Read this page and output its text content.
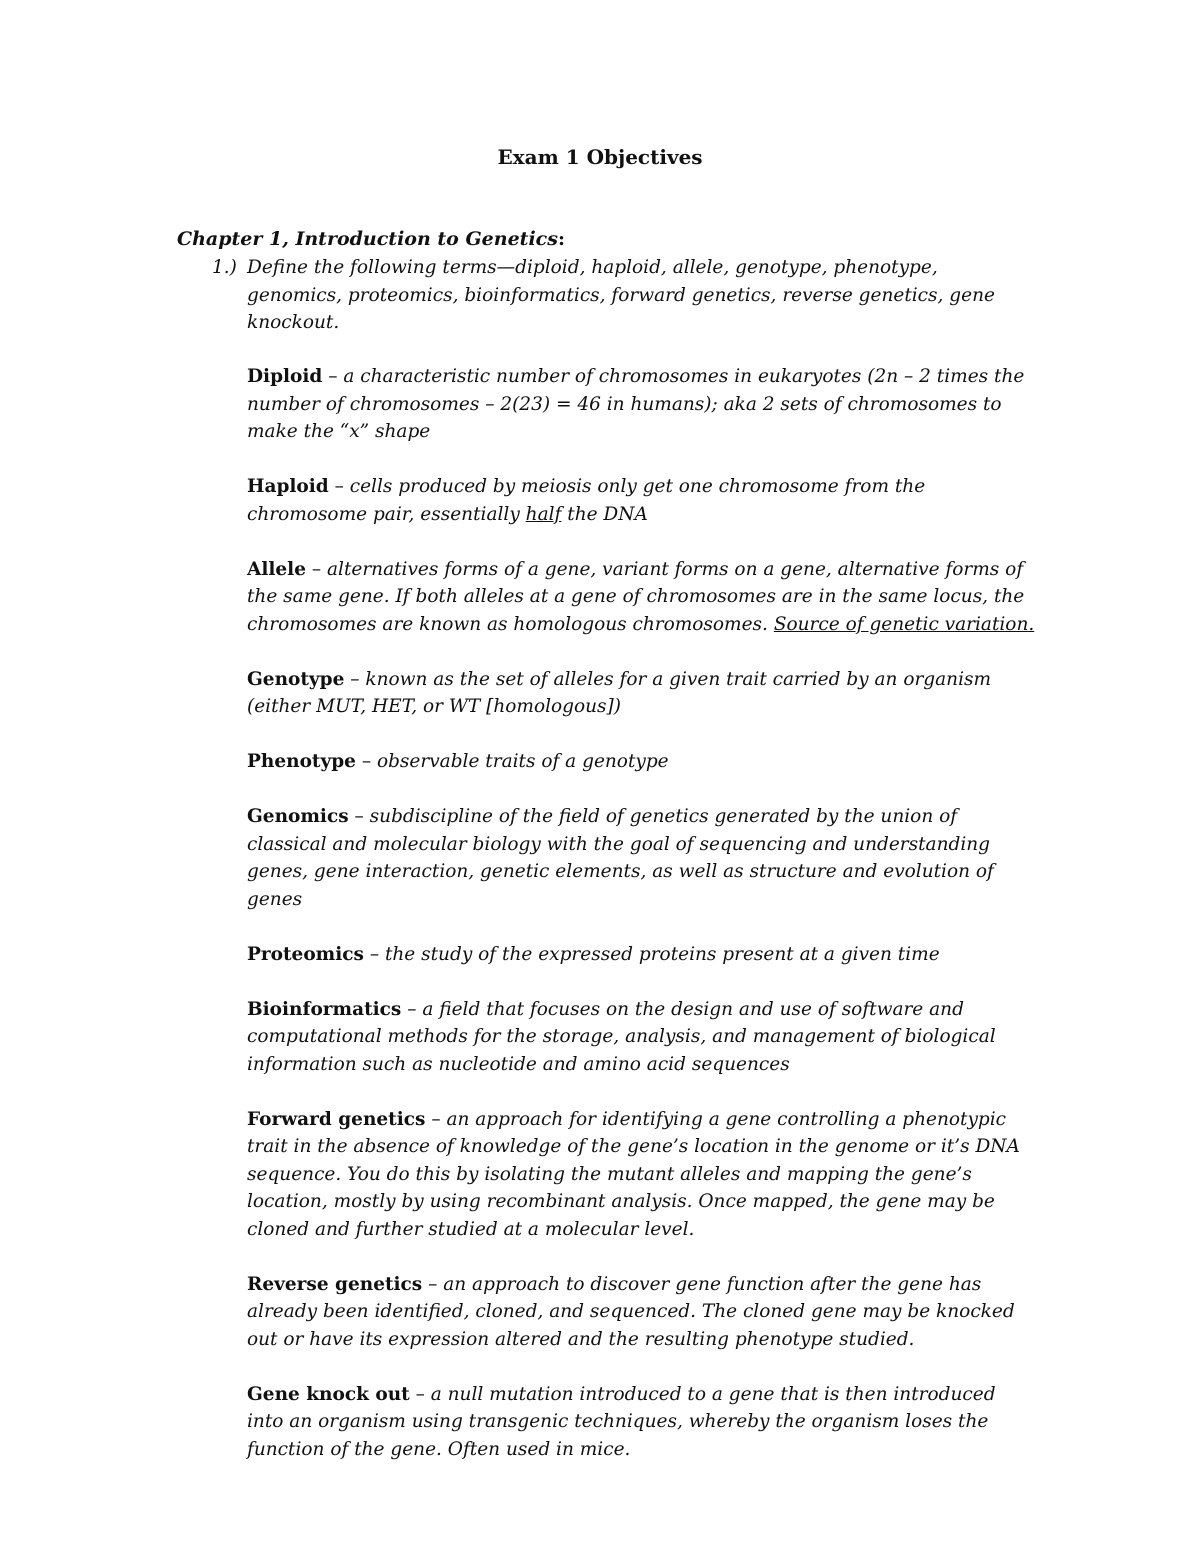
Exam 1 Objectives
Chapter 1, Introduction to Genetics:
1.) Define the following terms—diploid, haploid, allele, genotype, phenotype, genomics, proteomics, bioinformatics, forward genetics, reverse genetics, gene knockout.

Diploid – a characteristic number of chromosomes in eukaryotes (2n – 2 times the number of chromosomes – 2(23) = 46 in humans); aka 2 sets of chromosomes to make the “x” shape

Haploid – cells produced by meiosis only get one chromosome from the chromosome pair, essentially half the DNA

Allele – alternatives forms of a gene, variant forms on a gene, alternative forms of the same gene. If both alleles at a gene of chromosomes are in the same locus, the chromosomes are known as homologous chromosomes. Source of genetic variation.

Genotype – known as the set of alleles for a given trait carried by an organism (either MUT, HET, or WT [homologous])

Phenotype – observable traits of a genotype

Genomics – subdiscipline of the field of genetics generated by the union of classical and molecular biology with the goal of sequencing and understanding genes, gene interaction, genetic elements, as well as structure and evolution of genes

Proteomics – the study of the expressed proteins present at a given time

Bioinformatics – a field that focuses on the design and use of software and computational methods for the storage, analysis, and management of biological information such as nucleotide and amino acid sequences

Forward genetics – an approach for identifying a gene controlling a phenotypic trait in the absence of knowledge of the gene’s location in the genome or it’s DNA sequence. You do this by isolating the mutant alleles and mapping the gene’s location, mostly by using recombinant analysis. Once mapped, the gene may be cloned and further studied at a molecular level.

Reverse genetics – an approach to discover gene function after the gene has already been identified, cloned, and sequenced. The cloned gene may be knocked out or have its expression altered and the resulting phenotype studied.

Gene knock out – a null mutation introduced to a gene that is then introduced into an organism using transgenic techniques, whereby the organism loses the function of the gene. Often used in mice.
